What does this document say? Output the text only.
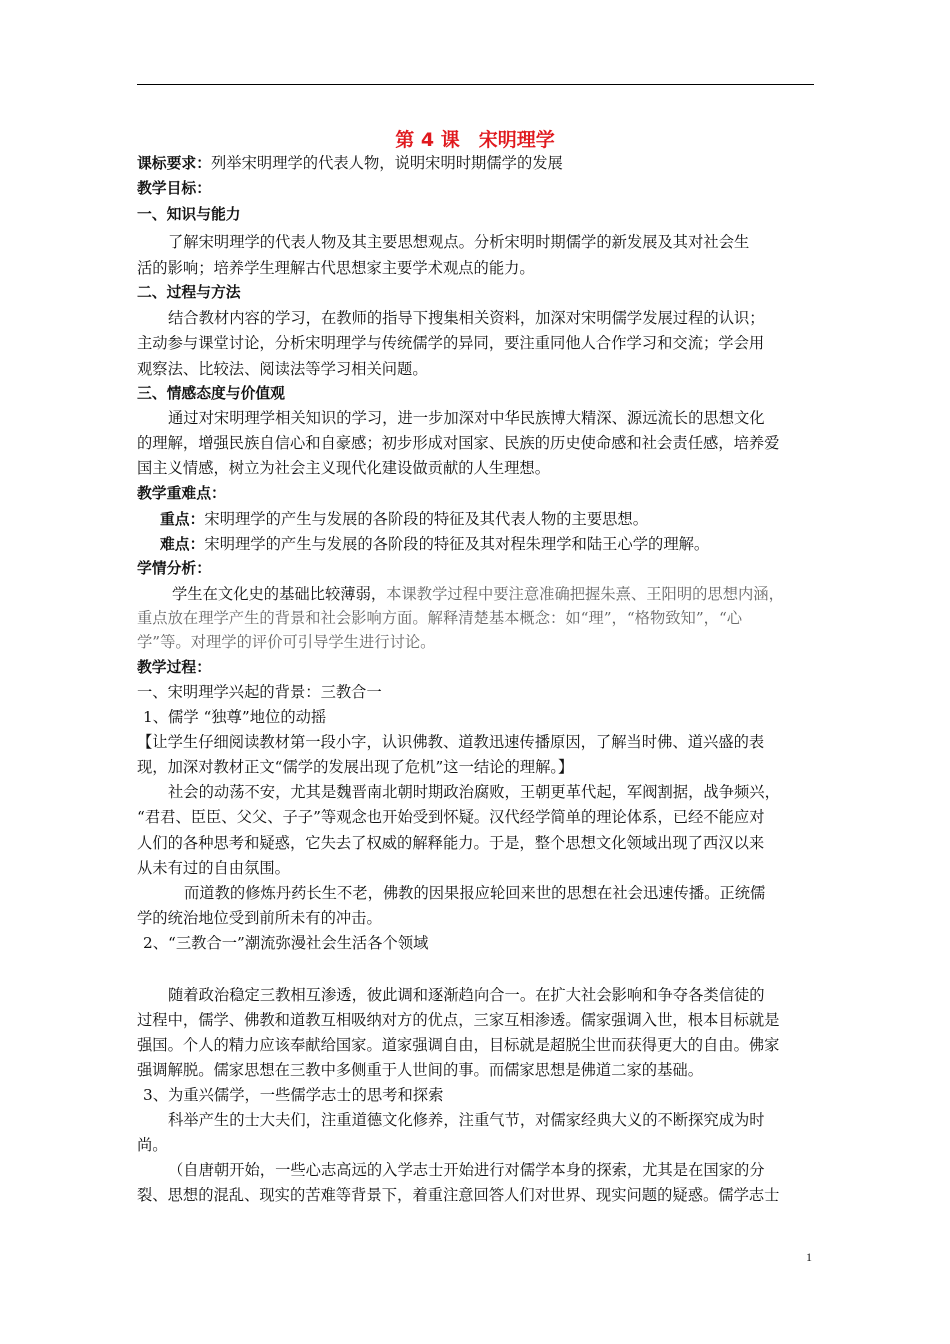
第 4 课　宋明理学
课标要求：列举宋明理学的代表人物，说明宋明时期儒学的发展
教学目标：
一、知识与能力
了解宋明理学的代表人物及其主要思想观点。分析宋明时期儒学的新发展及其对社会生
活的影响；培养学生理解古代思想家主要学术观点的能力。
二、过程与方法
结合教材内容的学习，在教师的指导下搜集相关资料，加深对宋明儒学发展过程的认识；
主动参与课堂讨论，分析宋明理学与传统儒学的异同，要注重同他人合作学习和交流；学会用
观察法、比较法、阅读法等学习相关问题。
三、情感态度与价值观
通过对宋明理学相关知识的学习，进一步加深对中华民族博大精深、源远流长的思想文化
的理解，增强民族自信心和自豪感；初步形成对国家、民族的历史使命感和社会责任感，培养爱
国主义情感，树立为社会主义现代化建设做贡献的人生理想。
教学重难点：
重点：宋明理学的产生与发展的各阶段的特征及其代表人物的主要思想。
难点：宋明理学的产生与发展的各阶段的特征及其对程朱理学和陆王心学的理解。
学情分析：
学生在文化史的基础比较薄弱，本课教学过程中要注意准确把握朱熹、王阳明的思想内涵，
重点放在理学产生的背景和社会影响方面。解释清楚基本概念：如“理”，“格物致知”，“心
学”等。对理学的评价可引导学生进行讨论。
教学过程：
一、宋明理学兴起的背景：三教合一
1、儒学 “独尊”地位的动摇
【让学生仔细阅读教材第一段小字，认识佛教、道教迅速传播原因，了解当时佛、道兴盛的表
现，加深对教材正文“儒学的发展出现了危机”这一结论的理解。】
社会的动荡不安，尤其是魏晋南北朝时期政治腐败，王朝更革代起，军阀割据，战争频兴，
“君君、臣臣、父父、子子”等观念也开始受到怀疑。汉代经学简单的理论体系，已经不能应对
人们的各种思考和疑惑，它失去了权威的解释能力。于是，整个思想文化领域出现了西汉以来
从未有过的自由氛围。
而道教的修炼丹药长生不老，佛教的因果报应轮回来世的思想在社会迅速传播。正统儒
学的统治地位受到前所未有的冲击。
2、“三教合一”潮流弥漫社会生活各个领域
随着政治稳定三教相互渗透，彼此调和逐渐趋向合一。在扩大社会影响和争夺各类信徒的
过程中，儒学、佛教和道教互相吸纳对方的优点，三家互相渗透。儒家强调入世，根本目标就是
强国。个人的精力应该奉献给国家。道家强调自由，目标就是超脱尘世而获得更大的自由。佛家
强调解脱。儒家思想在三教中多侧重于人世间的事。而儒家思想是佛道二家的基础。
3、为重兴儒学，一些儒学志士的思考和探索
科举产生的士大夫们，注重道德文化修养，注重气节，对儒家经典大义的不断探究成为时
尚。
（自唐朝开始，一些心志高远的入学志士开始进行对儒学本身的探索，尤其是在国家的分
裂、思想的混乱、现实的苦难等背景下，着重注意回答人们对世界、现实问题的疑惑。儒学志士
1
